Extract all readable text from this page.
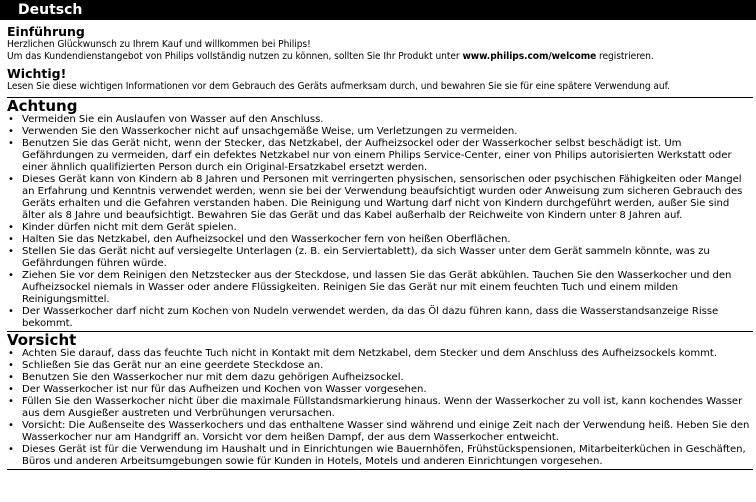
Deutsch
Einführung

Herzlichen Glückwunsch zu Ihrem Kauf und willkommen bei Philips!

Um das Kundendienstangebot von Philips vollständig nutzen zu können, sollten Sie Ihr Produkt unter www.philips.com/welcome registrieren.

Wichtig!

Lesen Sie diese wichtigen Informationen vor dem Gebrauch des Geräts aufmerksam durch, und bewahren Sie sie für eine spätere Verwendung auf.

Achtung
• Vermeiden Sie ein Auslaufen von Wasser auf den Anschluss.
• Verwenden Sie den Wasserkocher nicht auf unsachgemäße Weise, um Verletzungen zu vermeiden.
• Benutzen Sie das Gerät nicht, wenn der Stecker, das Netzkabel, der Aufheizsockel oder der Wasserkocher selbst beschädigt ist. Um Gefährdungen zu vermeiden, darf ein defektes Netzkabel nur von einem Philips Service-Center, einer von Philips autorisierten Werkstatt oder einer ähnlich qualifizierten Person durch ein Original-Ersatzkabel ersetzt werden.
• Dieses Gerät kann von Kindern ab 8 Jahren und Personen mit verringerten physischen, sensorischen oder psychischen Fähigkeiten oder Mangel an Erfahrung und Kenntnis verwendet werden, wenn sie bei der Verwendung beaufsichtigt wurden oder Anweisung zum sicheren Gebrauch des Geräts erhalten und die Gefahren verstanden haben. Die Reinigung und Wartung darf nicht von Kindern durchgeführt werden, außer Sie sind älter als 8 Jahre und beaufsichtigt. Bewahren Sie das Gerät und das Kabel außerhalb der Reichweite von Kindern unter 8 Jahren auf.
• Kinder dürfen nicht mit dem Gerät spielen.
• Halten Sie das Netzkabel, den Aufheizsockel und den Wasserkocher fern von heißen Oberflächen.
• Stellen Sie das Gerät nicht auf versiegelte Unterlagen (z. B. ein Serviertablett), da sich Wasser unter dem Gerät sammeln könnte, was zu Gefährdungen führen würde.
• Ziehen Sie vor dem Reinigen den Netzstecker aus der Steckdose, und lassen Sie das Gerät abkühlen. Tauchen Sie den Wasserkocher und den Aufheizsockel niemals in Wasser oder andere Flüssigkeiten. Reinigen Sie das Gerät nur mit einem feuchten Tuch und einem milden Reinigungsmittel.
• Der Wasserkocher darf nicht zum Kochen von Nudeln verwendet werden, da das Öl dazu führen kann, dass die Wasserstandsanzeige Risse bekommt.
Vorsicht
• Achten Sie darauf, dass das feuchte Tuch nicht in Kontakt mit dem Netzkabel, dem Stecker und dem Anschluss des Aufheizsockels kommt.
• Schließen Sie das Gerät nur an eine geerdete Steckdose an.
• Benutzen Sie den Wasserkocher nur mit dem dazu gehörigen Aufheizsockel.
• Der Wasserkocher ist nur für das Aufheizen und Kochen von Wasser vorgesehen.
• Füllen Sie den Wasserkocher nicht über die maximale Füllstandsmarkierung hinaus. Wenn der Wasserkocher zu voll ist, kann kochendes Wasser aus dem Ausgießer austreten und Verbrühungen verursachen.
• Vorsicht: Die Außenseite des Wasserkochers und das enthaltene Wasser sind während und einige Zeit nach der Verwendung heiß. Heben Sie den Wasserkocher nur am Handgriff an. Vorsicht vor dem heißen Dampf, der aus dem Wasserkocher entweicht.
• Dieses Gerät ist für die Verwendung im Haushalt und in Einrichtungen wie Bauernhöfen, Frühstückspensionen, Mitarbeiterküchen in Geschäften, Büros und anderen Arbeitsumgebungen sowie für Kunden in Hotels, Motels und anderen Einrichtungen vorgesehen.
